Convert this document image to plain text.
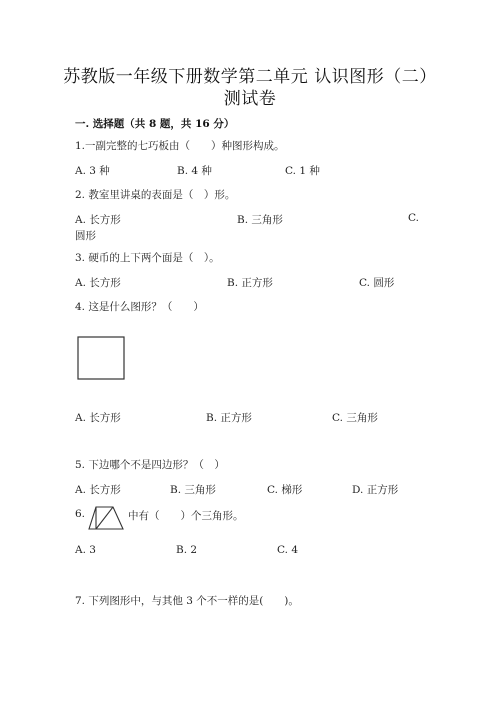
苏教版一年级下册数学第二单元 认识图形（二）
测试卷
一. 选择题（共 8 题，共 16 分）
1.一副完整的七巧板由（　　）种图形构成。
A. 3 种	B. 4 种	C. 1 种
2. 教室里讲桌的表面是（　）形。
A. 长方形	B. 三角形	C.
圆形
3. 硬币的上下两个面是（　）。
A. 长方形	B. 正方形	C. 圆形
4. 这是什么图形？（　　）
A. 长方形	B. 正方形	C. 三角形
5. 下边哪个不是四边形？（　）
A. 长方形	B. 三角形	C. 梯形	D. 正方形
6.	中有（　　）个三角形。
A. 3	B. 2	C. 4
7. 下列图形中，与其他 3 个不一样的是(　　)。
